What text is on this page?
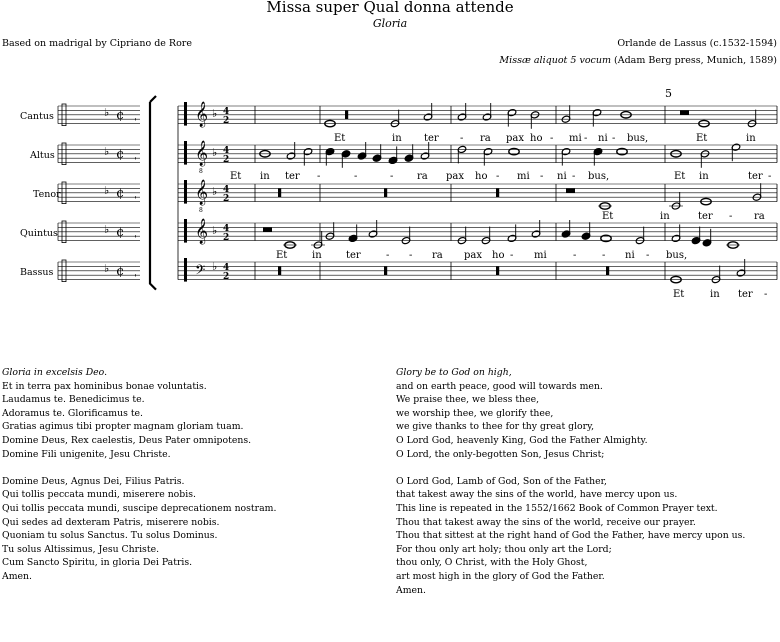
Missa super Qual donna attende
Gloria
Based on madrigal by Cipriano de Rore	Orlande de Lassus (c.1532-1594)
Missæ aliquot 5 vocum (Adam Berg press, Munich, 1589)
♭ ¢ ˌ	𝄞 ♭ 4
2
♭ ¢ ˌ	𝄞
8
♭ 4
2
♭ ¢ ˌ	𝄞
8
♭ 4
2
♭ ¢ ˌ	𝄞 ♭ 4
2
♭ ¢ ˌ	𝄢 ♭ 4
2
5
Cantus
Altus
Tenor
Quintus
Bassus
Et	in ter - ra pax ho - mi - ni - bus,	Et	in
Et in ter -	-	- ra pax ho - mi - ni - bus,	Et in	ter -
Et	in	ter - ra
Et in ter	- - ra pax ho - mi	-	- ni - bus,
Et	in ter -
Gloria in excelsis Deo.
Et in terra pax hominibus bonae voluntatis.
Laudamus te. Benedicimus te.
Adoramus te. Glorificamus te.
Gratias agimus tibi propter magnam gloriam tuam.
Domine Deus, Rex caelestis, Deus Pater omnipotens.
Domine Fili unigenite, Jesu Christe.
Domine Deus, Agnus Dei, Filius Patris.
Qui tollis peccata mundi, miserere nobis.
Qui tollis peccata mundi, suscipe deprecationem nostram.
Qui sedes ad dexteram Patris, miserere nobis.
Quoniam tu solus Sanctus. Tu solus Dominus.
Tu solus Altissimus, Jesu Christe.
Cum Sancto Spiritu, in gloria Dei Patris.
Amen.
Glory be to God on high,
and on earth peace, good will towards men.
We praise thee, we bless thee,
we worship thee, we glorify thee,
we give thanks to thee for thy great glory,
O Lord God, heavenly King, God the Father Almighty.
O Lord, the only-begotten Son, Jesus Christ;
O Lord God, Lamb of God, Son of the Father,
that takest away the sins of the world, have mercy upon us.
This line is repeated in the 1552/1662 Book of Common Prayer text.
Thou that takest away the sins of the world, receive our prayer.
Thou that sittest at the right hand of God the Father, have mercy upon us.
For thou only art holy; thou only art the Lord;
thou only, O Christ, with the Holy Ghost,
art most high in the glory of God the Father.
Amen.
